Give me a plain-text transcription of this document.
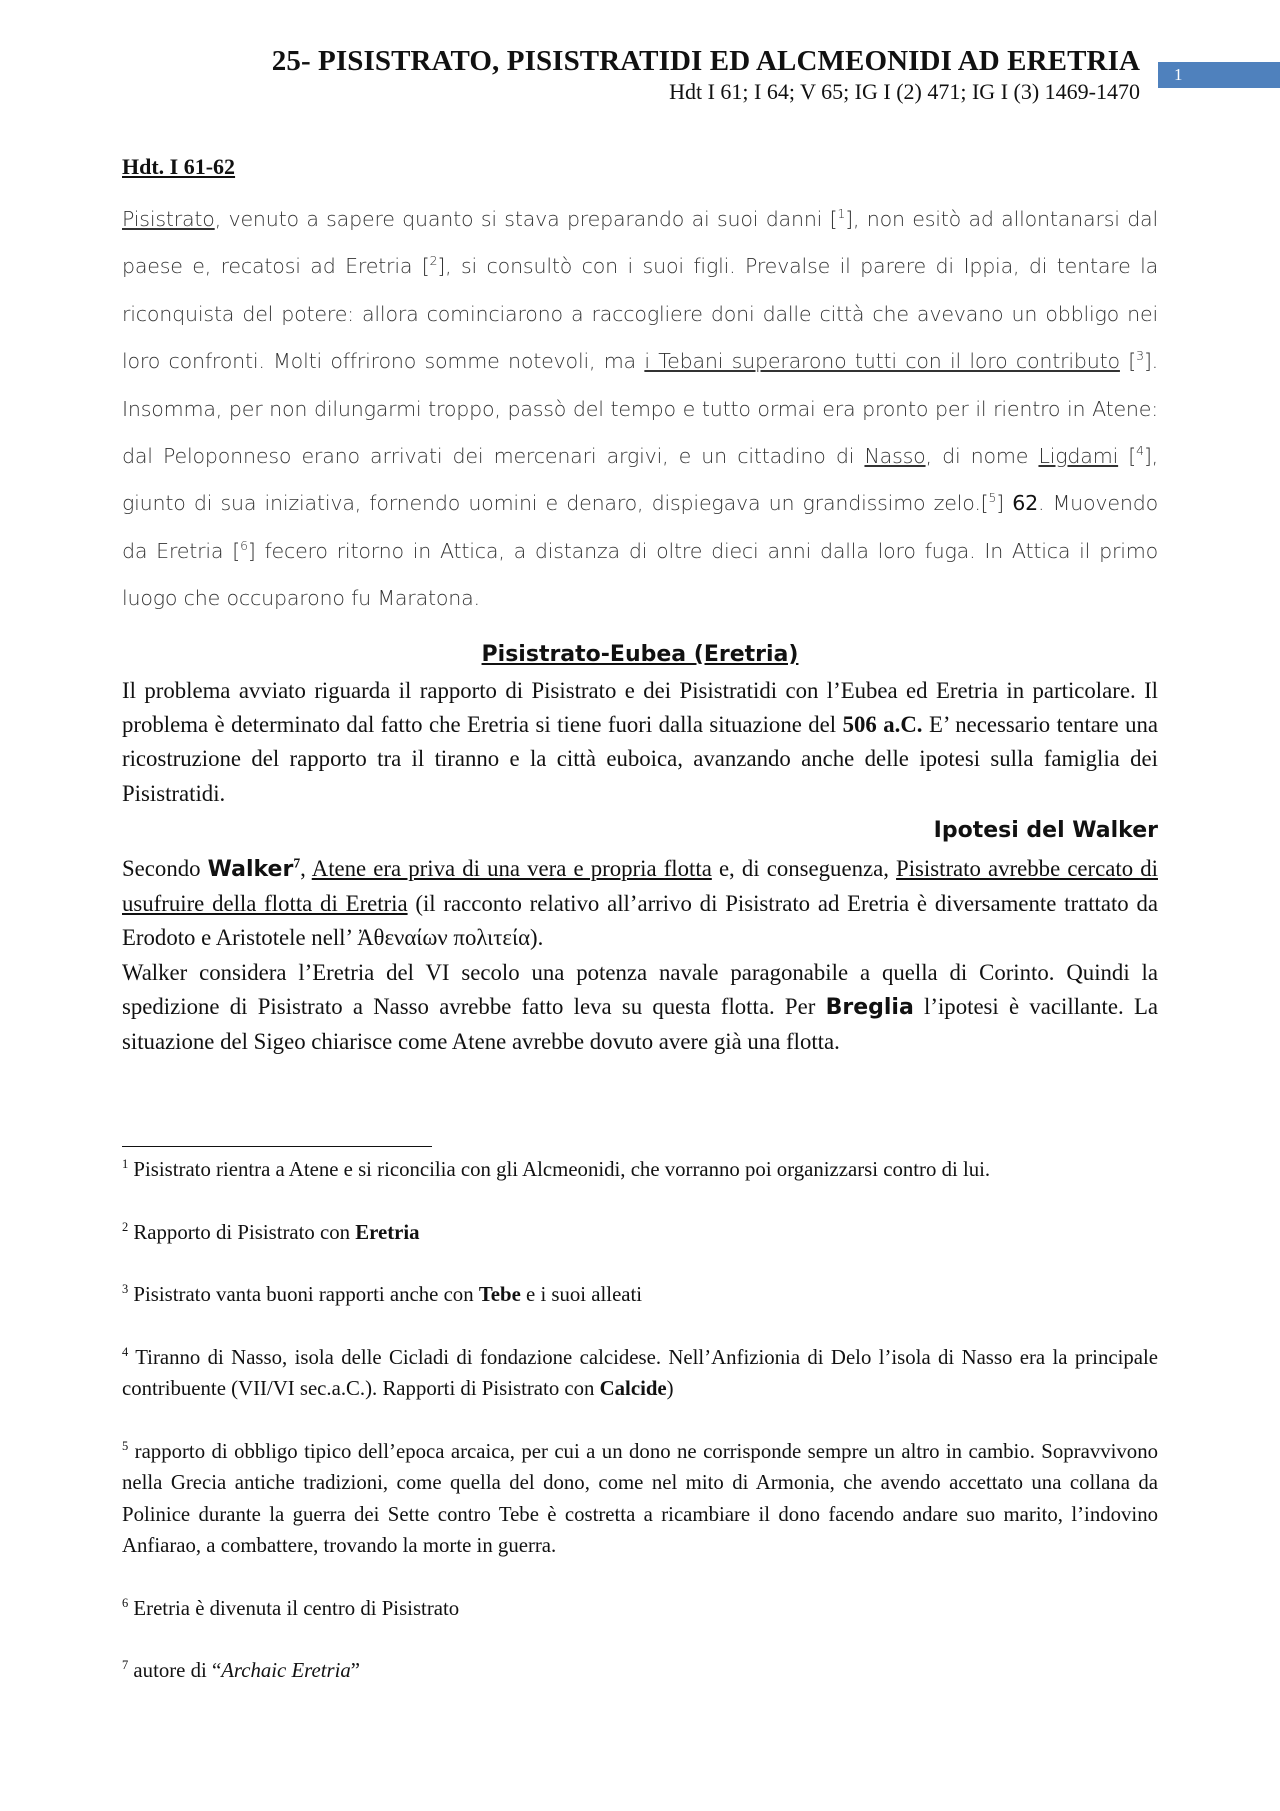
25- PISISTRATO, PISISTRATIDI ED ALCMEONIDI AD ERETRIA
Hdt I 61; I 64; V 65; IG I (2) 471; IG I (3) 1469-1470
1
Hdt. I 61-62
Pisistrato, venuto a sapere quanto si stava preparando ai suoi danni [$^1$], non esitò ad allontanarsi dal paese e, recatosi ad Eretria [$^2$], si consultò con i suoi figli. Prevalse il parere di Ippia, di tentare la riconquista del potere: allora cominciarono a raccogliere doni dalle città che avevano un obbligo nei loro confronti. Molti offrirono somme notevoli, ma i Tebani superarono tutti con il loro contributo [$^3$]. Insomma, per non dilungarmi troppo, passò del tempo e tutto ormai era pronto per il rientro in Atene: dal Peloponneso erano arrivati dei mercenari argivi, e un cittadino di Nasso, di nome Ligdami [$^4$], giunto di sua iniziativa, fornendo uomini e denaro, dispiegava un grandissimo zelo.[$^5$] 62. Muovendo da Eretria [$^6$] fecero ritorno in Attica, a distanza di oltre dieci anni dalla loro fuga. In Attica il primo luogo che occuparono fu Maratona.
Pisistrato-Eubea (Eretria)
Il problema avviato riguarda il rapporto di Pisistrato e dei Pisistratidi con l’Eubea ed Eretria in particolare. Il problema è determinato dal fatto che Eretria si tiene fuori dalla situazione del 506 a.C. E’ necessario tentare una ricostruzione del rapporto tra il tiranno e la città euboica, avanzando anche delle ipotesi sulla famiglia dei Pisistratidi.
Ipotesi del Walker
Secondo Walker$^7$, Atene era priva di una vera e propria flotta e, di conseguenza, Pisistrato avrebbe cercato di usufruire della flotta di Eretria (il racconto relativo all’arrivo di Pisistrato ad Eretria è diversamente trattato da Erodoto e Aristotele nell’ Ἀθεναίων πολιτεία).
Walker considera l’Eretria del VI secolo una potenza navale paragonabile a quella di Corinto. Quindi la spedizione di Pisistrato a Nasso avrebbe fatto leva su questa flotta. Per Breglia l’ipotesi è vacillante. La situazione del Sigeo chiarisce come Atene avrebbe dovuto avere già una flotta.
$^1$ Pisistrato rientra a Atene e si riconcilia con gli Alcmeonidi, che vorranno poi organizzarsi contro di lui.
$^2$ Rapporto di Pisistrato con Eretria
$^3$ Pisistrato vanta buoni rapporti anche con Tebe e i suoi alleati
$^4$ Tiranno di Nasso, isola delle Cicladi di fondazione calcidese. Nell’Anfizionia di Delo l’isola di Nasso era la principale contribuente (VII/VI sec.a.C.). Rapporti di Pisistrato con Calcide)
$^5$ rapporto di obbligo tipico dell’epoca arcaica, per cui a un dono ne corrisponde sempre un altro in cambio. Sopravvivono nella Grecia antiche tradizioni, come quella del dono, come nel mito di Armonia, che avendo accettato una collana da Polinice durante la guerra dei Sette contro Tebe è costretta a ricambiare il dono facendo andare suo marito, l’indovino Anfiarao, a combattere, trovando la morte in guerra.
$^6$ Eretria è divenuta il centro di Pisistrato
$^7$ autore di “Archaic Eretria”
